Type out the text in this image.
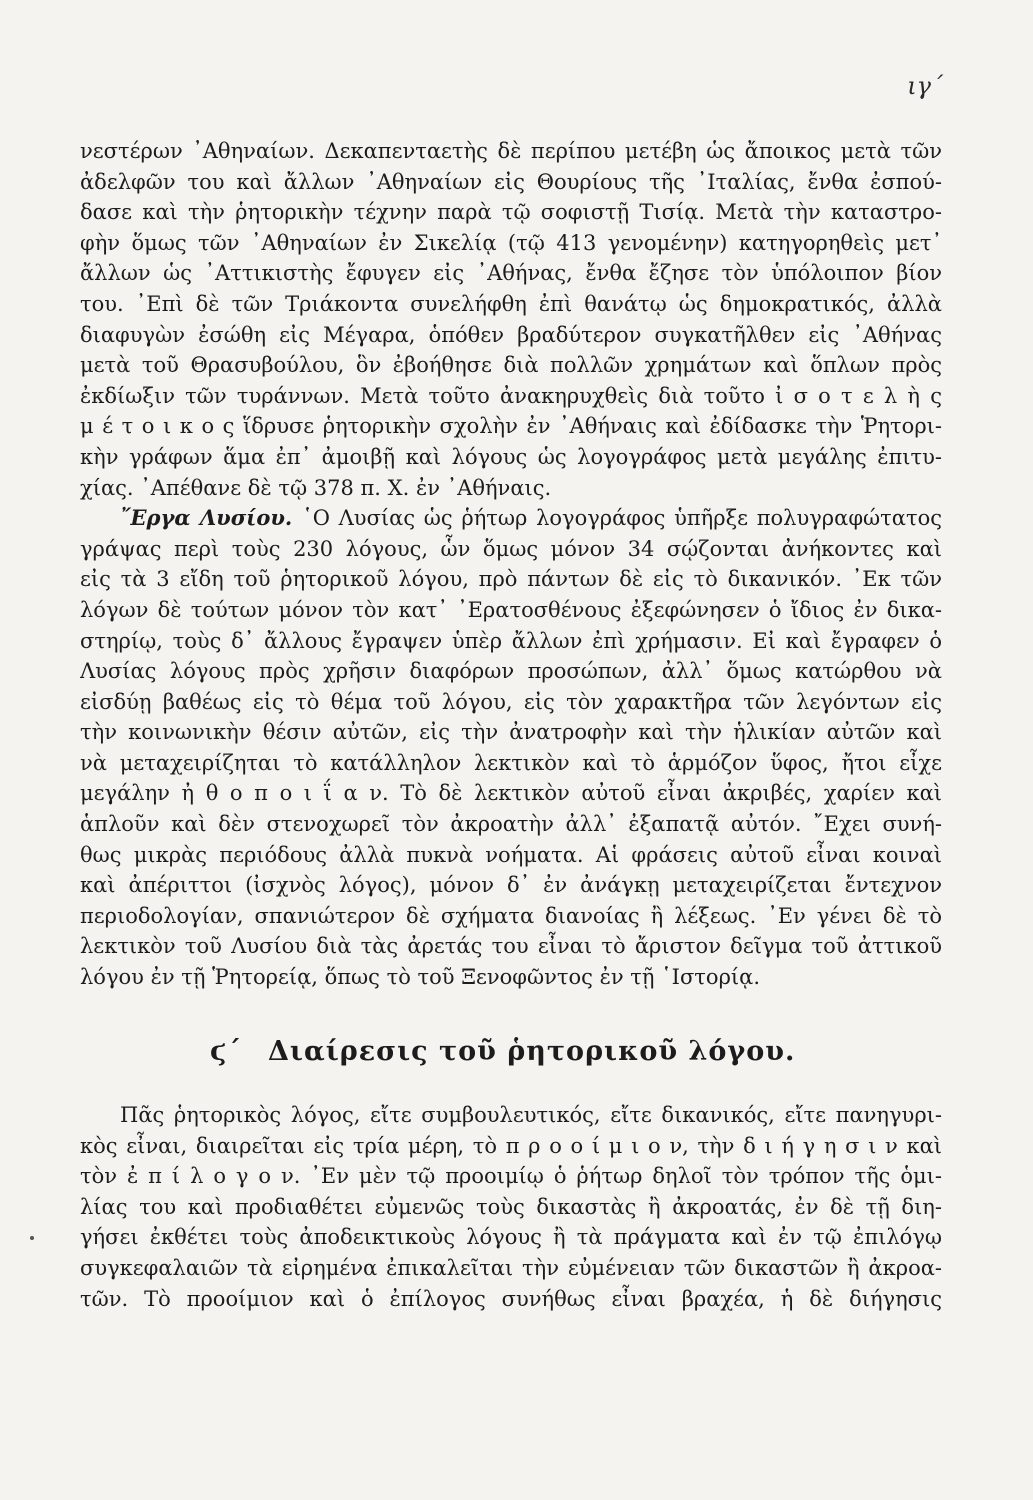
ιγ΄
νεστέρων ᾿Αθηναίων. Δεκαπενταετὴς δὲ περίπου μετέβη ὡς ἄποικος μετὰ τῶν
ἀδελφῶν του καὶ ἄλλων ᾿Αθηναίων εἰς Θουρίους τῆς ᾿Ιταλίας, ἔνθα ἐσπού-
δασε καὶ τὴν ῥητορικὴν τέχνην παρὰ τῷ σοφιστῇ Τισίᾳ. Μετὰ τὴν καταστρο-
φὴν ὅμως τῶν ᾿Αθηναίων ἐν Σικελίᾳ (τῷ 413 γενομένην) κατηγορηθεὶς μετ᾿
ἄλλων ὡς ᾿Αττικιστὴς ἔφυγεν εἰς ᾿Αθήνας, ἔνθα ἔζησε τὸν ὑπόλοιπον βίον
του. ᾿Επὶ δὲ τῶν Τριάκοντα συνελήφθη ἐπὶ θανάτῳ ὡς δημοκρατικός, ἀλλὰ
διαφυγὼν ἐσώθη εἰς Μέγαρα, ὁπόθεν βραδύτερον συγκατῆλθεν εἰς ᾿Αθήνας
μετὰ τοῦ Θρασυβούλου, ὃν ἐβοήθησε διὰ πολλῶν χρημάτων καὶ ὅπλων πρὸς
ἐκδίωξιν τῶν τυράννων. Μετὰ τοῦτο ἀνακηρυχθεὶς διὰ τοῦτο ἰ σ ο τ ε λ ὴ ς
μ έ τ ο ι κ ο ς ἵδρυσε ῥητορικὴν σχολὴν ἐν ᾿Αθήναις καὶ ἐδίδασκε τὴν Ῥητορι-
κὴν γράφων ἅμα ἐπ᾿ ἀμοιβῇ καὶ λόγους ὡς λογογράφος μετὰ μεγάλης ἐπιτυ-
χίας. ᾿Απέθανε δὲ τῷ 378 π. Χ. ἐν ᾿Αθήναις.
῎Εργα Λυσίου. ῾Ο Λυσίας ὡς ῥήτωρ λογογράφος ὑπῆρξε πολυγραφώτατος
γράψας περὶ τοὺς 230 λόγους, ὧν ὅμως μόνον 34 σῴζονται ἀνήκοντες καὶ
εἰς τὰ 3 εἴδη τοῦ ῥητορικοῦ λόγου, πρὸ πάντων δὲ εἰς τὸ δικανικόν. ᾿Εκ τῶν
λόγων δὲ τούτων μόνον τὸν κατ᾿ ᾿Ερατοσθένους ἐξεφώνησεν ὁ ἴδιος ἐν δικα-
στηρίῳ, τοὺς δ᾿ ἄλλους ἔγραψεν ὑπὲρ ἄλλων ἐπὶ χρήμασιν. Εἰ καὶ ἔγραφεν ὁ
Λυσίας λόγους πρὸς χρῆσιν διαφόρων προσώπων, ἀλλ᾿ ὅμως κατώρθου νὰ
εἰσδύῃ βαθέως εἰς τὸ θέμα τοῦ λόγου, εἰς τὸν χαρακτῆρα τῶν λεγόντων εἰς
τὴν κοινωνικὴν θέσιν αὐτῶν, εἰς τὴν ἀνατροφὴν καὶ τὴν ἡλικίαν αὐτῶν καὶ
νὰ μεταχειρίζηται τὸ κατάλληλον λεκτικὸν καὶ τὸ ἁρμόζον ὕφος, ἤτοι εἶχε
μεγάλην ἠ θ ο π ο ι ΐ α ν. Τὸ δὲ λεκτικὸν αὐτοῦ εἶναι ἀκριβές, χαρίεν καὶ
ἁπλοῦν καὶ δὲν στενοχωρεῖ τὸν ἀκροατὴν ἀλλ᾿ ἐξαπατᾷ αὐτόν. ῎Εχει συνή-
θως μικρὰς περιόδους ἀλλὰ πυκνὰ νοήματα. Αἱ φράσεις αὐτοῦ εἶναι κοιναὶ
καὶ ἀπέριττοι (ἰσχνὸς λόγος), μόνον δ᾿ ἐν ἀνάγκῃ μεταχειρίζεται ἔντεχνον
περιοδολογίαν, σπανιώτερον δὲ σχήματα διανοίας ἢ λέξεως. ᾿Εν γένει δὲ τὸ
λεκτικὸν τοῦ Λυσίου διὰ τὰς ἀρετάς του εἶναι τὸ ἄριστον δεῖγμα τοῦ ἀττικοῦ
λόγου ἐν τῇ Ῥητορείᾳ, ὅπως τὸ τοῦ Ξενοφῶντος ἐν τῇ ῾Ιστορίᾳ.
ϛ΄ Διαίρεσις τοῦ ῥητορικοῦ λόγου.
Πᾶς ῥητορικὸς λόγος, εἴτε συμβουλευτικός, εἴτε δικανικός, εἴτε πανηγυρι-
κὸς εἶναι, διαιρεῖται εἰς τρία μέρη, τὸ π ρ ο ο ί μ ι ο ν, τὴν δ ι ή γ η σ ι ν καὶ
τὸν ἐ π ί λ ο γ ο ν. ᾿Εν μὲν τῷ προοιμίῳ ὁ ῥήτωρ δηλοῖ τὸν τρόπον τῆς ὁμι-
λίας του καὶ προδιαθέτει εὐμενῶς τοὺς δικαστὰς ἢ ἀκροατάς, ἐν δὲ τῇ διη-
γήσει ἐκθέτει τοὺς ἀποδεικτικοὺς λόγους ἢ τὰ πράγματα καὶ ἐν τῷ ἐπιλόγῳ
συγκεφαλαιῶν τὰ εἰρημένα ἐπικαλεῖται τὴν εὐμένειαν τῶν δικαστῶν ἢ ἀκροα-
τῶν. Τὸ προοίμιον καὶ ὁ ἐπίλογος συνήθως εἶναι βραχέα, ἡ δὲ διήγησις
